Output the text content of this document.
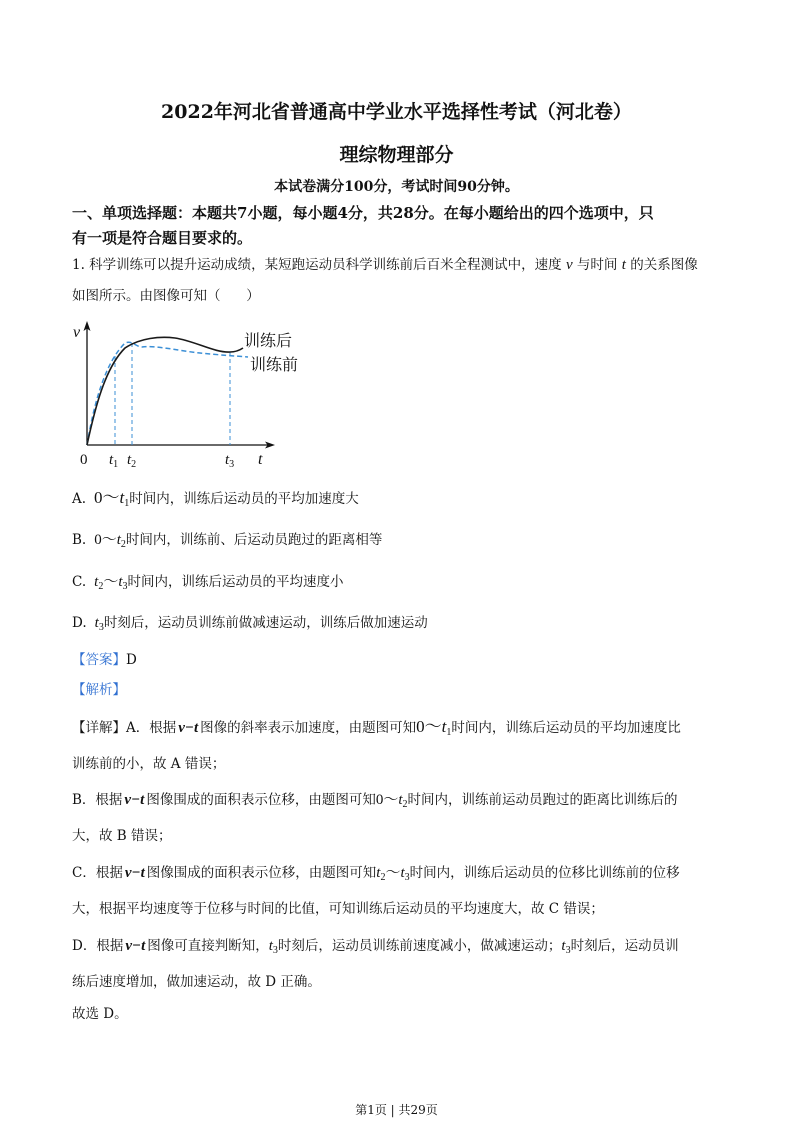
2022年河北省普通高中学业水平选择性考试（河北卷）
理综物理部分
本试卷满分100分，考试时间90分钟。
一、单项选择题：本题共7小题，每小题4分，共28分。在每小题给出的四个选项中，只
有一项是符合题目要求的。
1. 科学训练可以提升运动成绩，某短跑运动员科学训练前后百米全程测试中，速度 v 与时间 t 的关系图像
如图所示。由图像可知（      ）
v
0 $t_1$ $t_2$	$t_3$ t
训练后
训练前
A. $0\sim t_1$时间内，训练后运动员的平均加速度大
B. $0\sim t_2$时间内，训练前、后运动员跑过的距离相等
C. $t_2\sim t_3$时间内，训练后运动员的平均速度小
D. $t_3$时刻后，运动员训练前做减速运动，训练后做加速运动
【答案】D
【解析】
【详解】A．根据 v−t 图像的斜率表示加速度，由题图可知$0\sim t_1$时间内，训练后运动员的平均加速度比
训练前的小，故 A 错误；
B．根据 v−t 图像围成的面积表示位移，由题图可知$0\sim t_2$时间内，训练前运动员跑过的距离比训练后的
大，故 B 错误；
C．根据 v−t 图像围成的面积表示位移，由题图可知$t_2\sim t_3$时间内，训练后运动员的位移比训练前的位移
大，根据平均速度等于位移与时间的比值，可知训练后运动员的平均速度大，故 C 错误；
D．根据 v−t 图像可直接判断知，$t_3$时刻后，运动员训练前速度减小，做减速运动；$t_3$时刻后，运动员训
练后速度增加，做加速运动，故 D 正确。
故选 D。
第1页 | 共29页
